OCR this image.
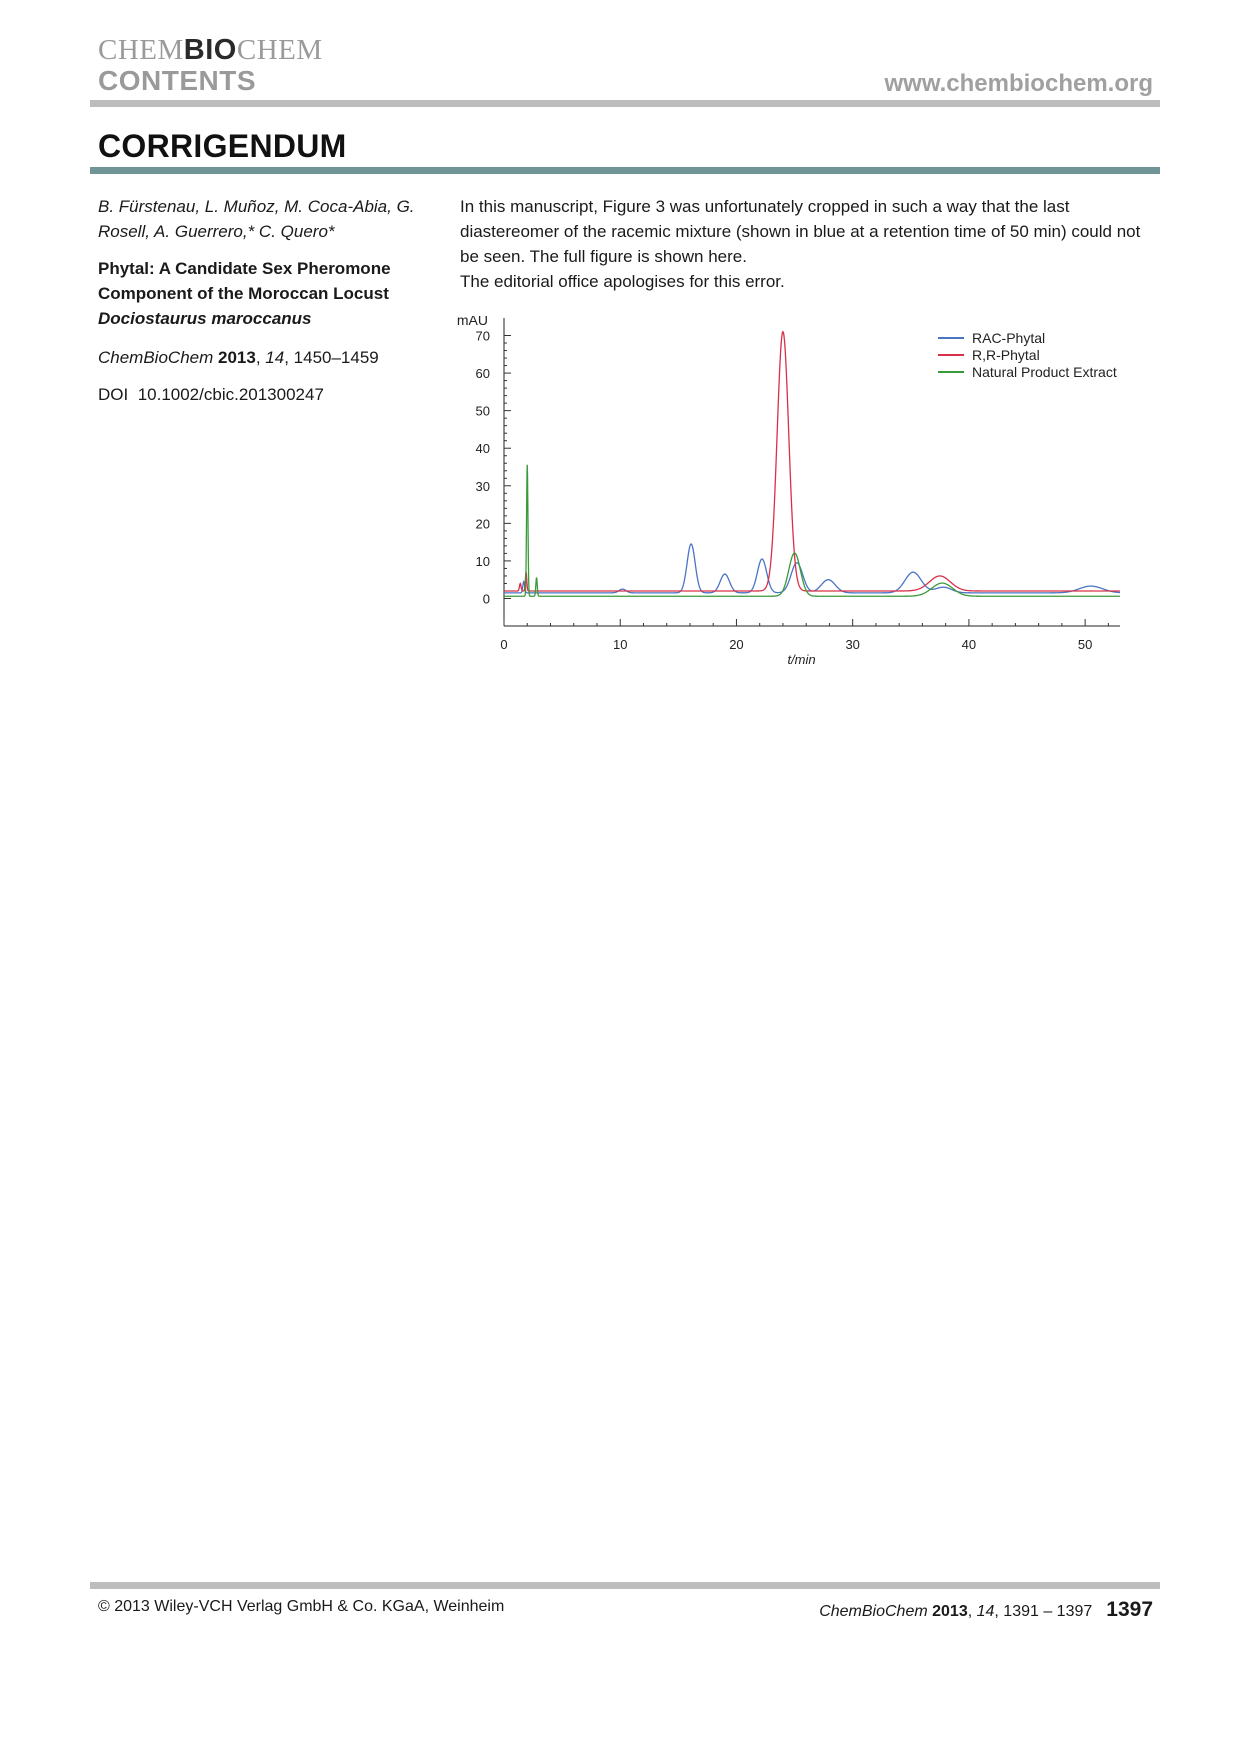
CHEMBIOCHEM
CONTENTS	www.chembiochem.org
CORRIGENDUM

B. Fürstenau, L. Muñoz, M. Coca-Abia, G. Rosell, A. Guerrero,* C. Quero*

Phytal: A Candidate Sex Pheromone Component of the Moroccan Locust Dociostaurus maroccanus

ChemBioChem 2013, 14, 1450–1459

DOI 10.1002/cbic.201300247

In this manuscript, Figure 3 was unfortunately cropped in such a way that the last diastereomer of the racemic mixture (shown in blue at a retention time of 50 min) could not be seen. The full figure is shown here.

The editorial office apologises for this error.

0
10
20
30
40
50
60
70
0	10	20	30	40	50
mAU
t/min
RAC-Phytal
R,R-Phytal
Natural Product Extract
© 2013 Wiley-VCH Verlag GmbH & Co. KGaA, Weinheim	ChemBioChem 2013, 14, 1391 – 1397 1397
